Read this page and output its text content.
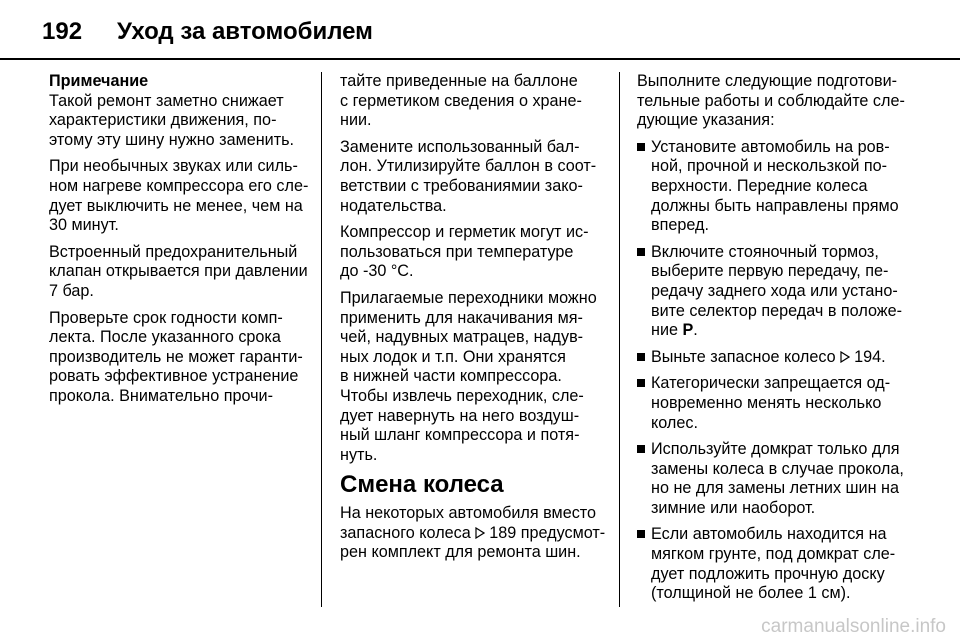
192	Уход за автомобилем
Примечание
Такой ремонт заметно снижает
характеристики движения, по-
этому эту шину нужно заменить.
При необычных звуках или силь-
ном нагреве компрессора его сле-
дует выключить не менее, чем на
30 минут.
Встроенный предохранительный
клапан открывается при давлении
7 бар.
Проверьте срок годности комп-
лекта. После указанного срока
производитель не может гаранти-
ровать эффективное устранение
прокола. Внимательно прочи-
тайте приведенные на баллоне
с герметиком сведения о хране-
нии.
Замените использованный бал-
лон. Утилизируйте баллон в соот-
ветствии с требованиямии зако-
нодательства.
Компрессор и герметик могут ис-
пользоваться при температуре
до -30 °C.
Прилагаемые переходники можно
применить для накачивания мя-
чей, надувных матрацев, надув-
ных лодок и т.п. Они хранятся
в нижней части компрессора.
Чтобы извлечь переходник, сле-
дует навернуть на него воздуш-
ный шланг компрессора и потя-
нуть.
Смена колеса
На некоторых автомобиля вместо
запасного колеса 189 предусмот-
рен комплект для ремонта шин.
Выполните следующие подготови-
тельные работы и соблюдайте сле-
дующие указания:
Установите автомобиль на ров-
ной, прочной и нескользкой по-
верхности. Передние колеса
должны быть направлены прямо
вперед.
Включите стояночный тормоз,
выберите первую передачу, пе-
редачу заднего хода или устано-
вите селектор передач в положе-
ние P.
Выньте запасное колесо 194.
Категорически запрещается од-
новременно менять несколько
колес.
Используйте домкрат только для
замены колеса в случае прокола,
но не для замены летних шин на
зимние или наоборот.
Если автомобиль находится на
мягком грунте, под домкрат сле-
дует подложить прочную доску
(толщиной не более 1 см).
carmanualsonline.info
